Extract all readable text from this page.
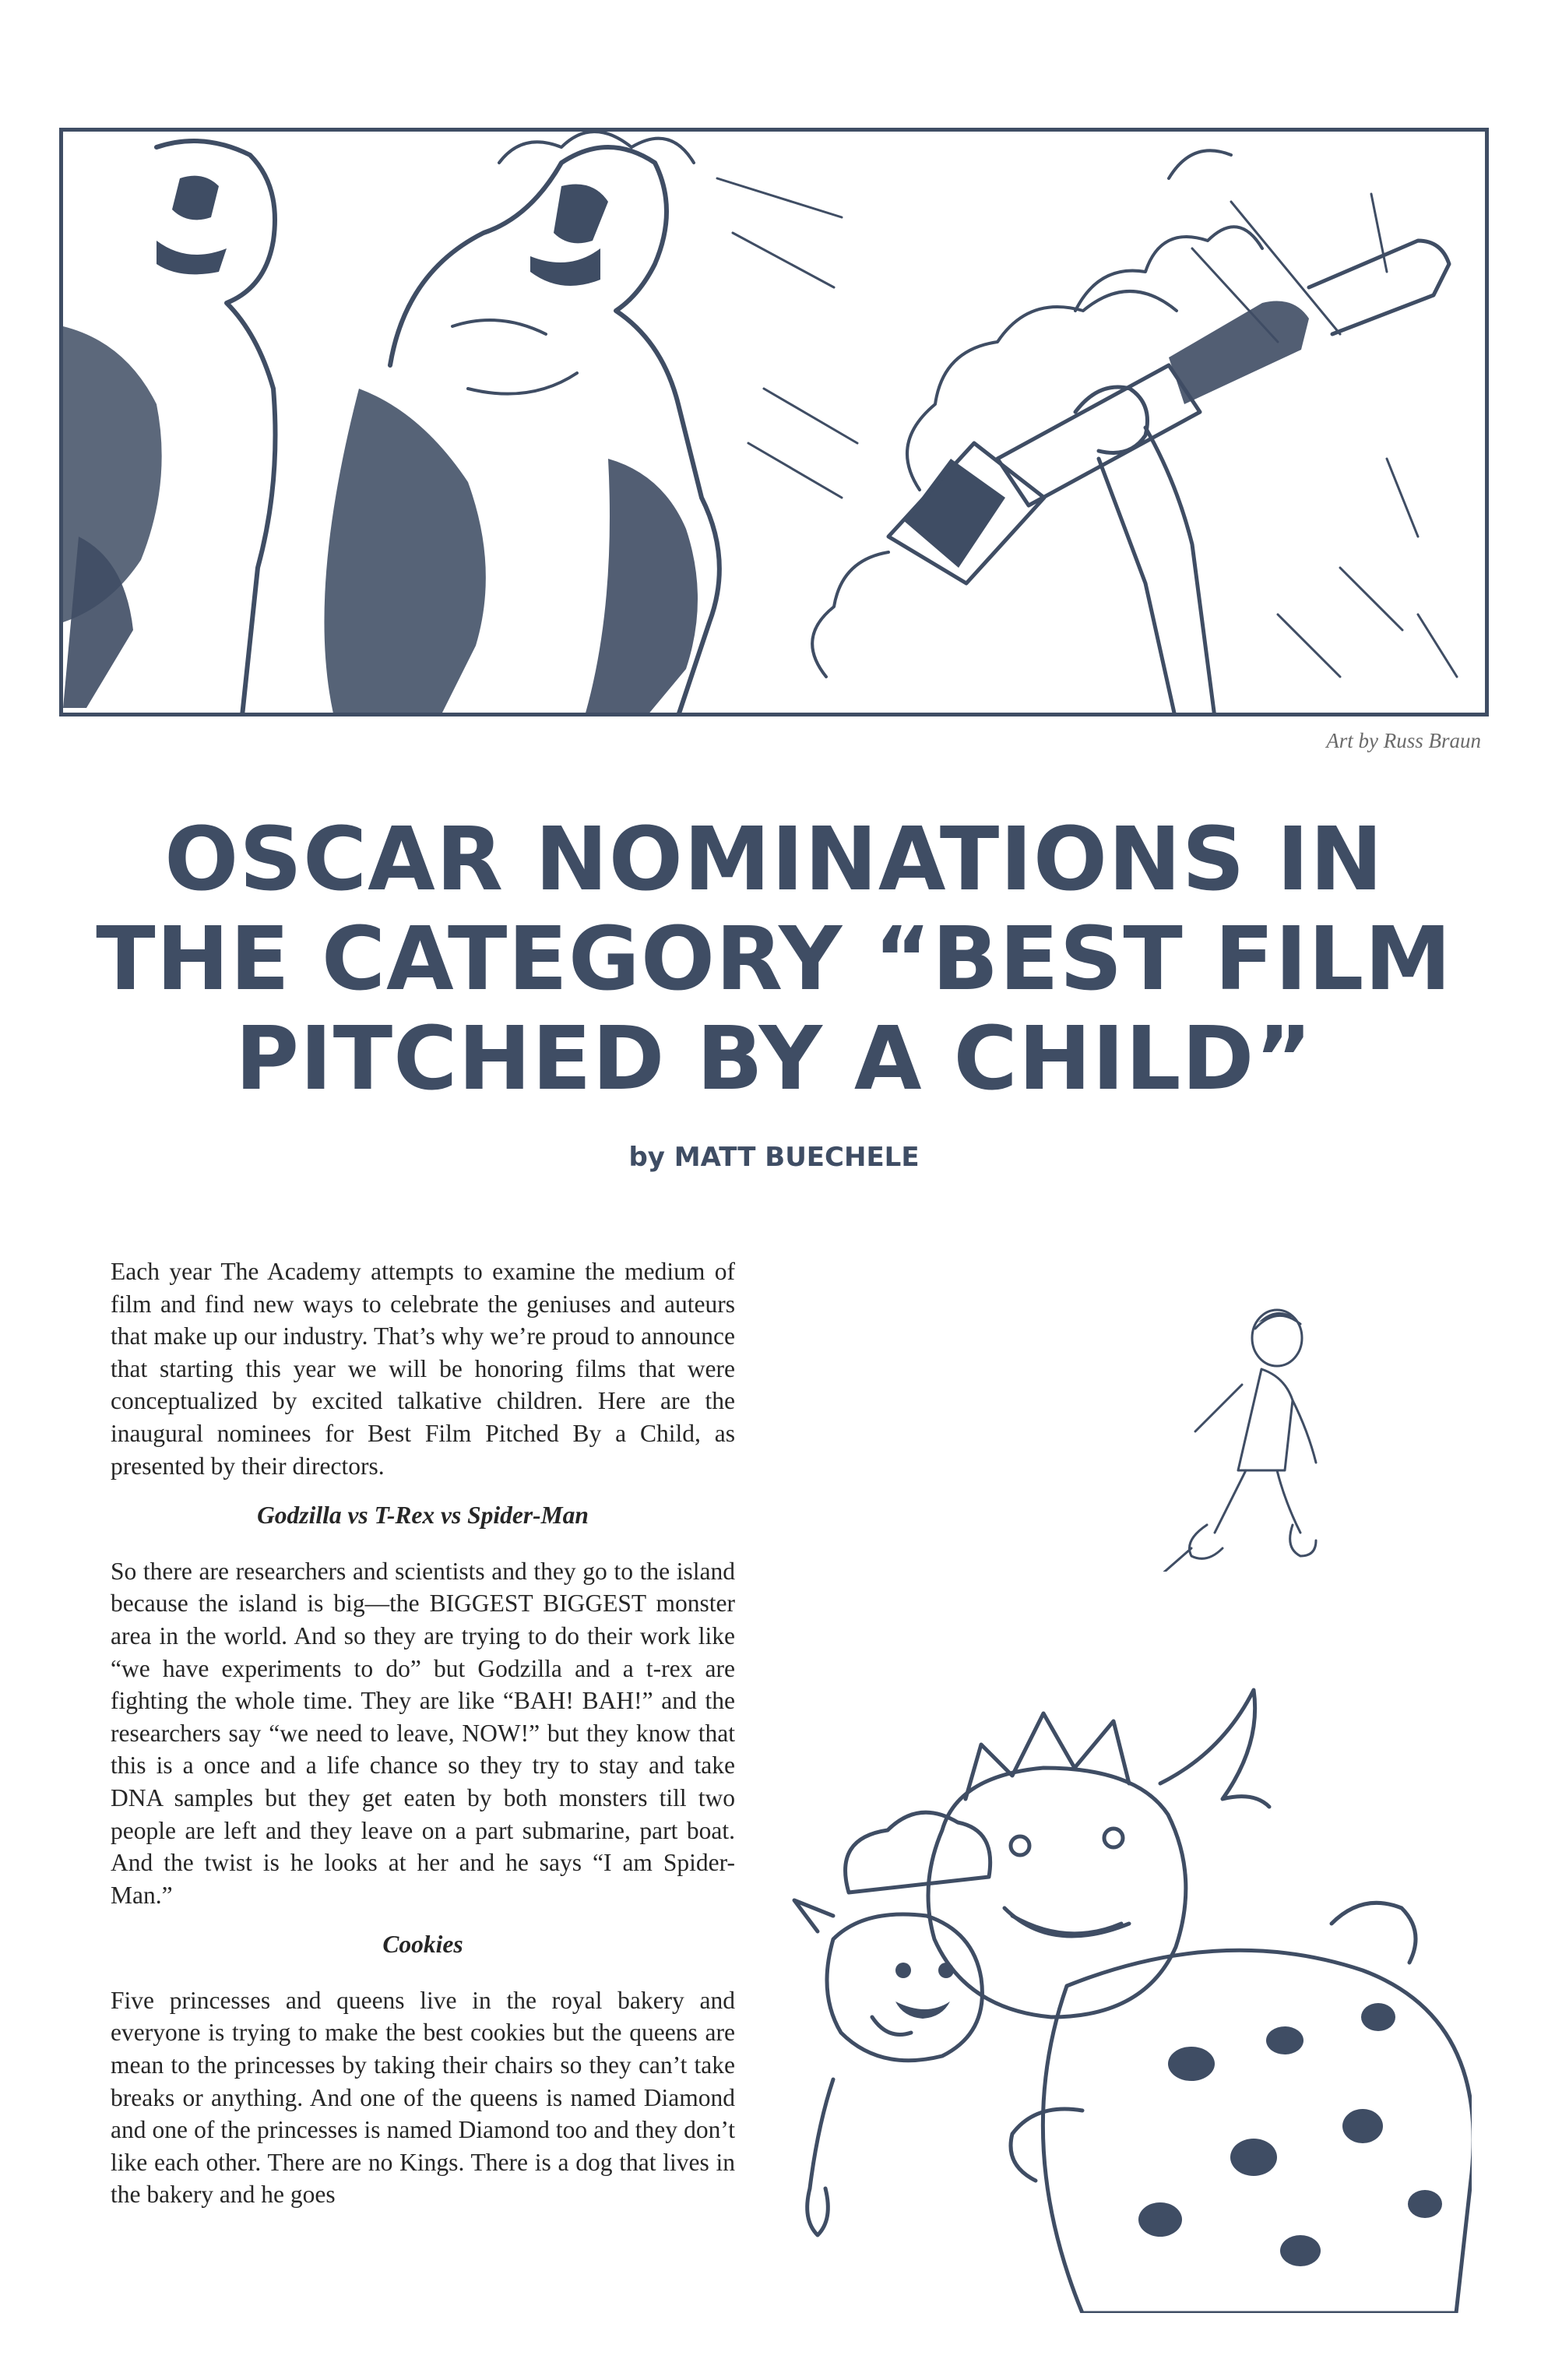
Art by Russ Braun
OSCAR NOMINATIONS IN
THE CATEGORY “BEST FILM
PITCHED BY A CHILD”
by MATT BUECHELE

Each year The Academy attempts to examine the medium of film and find new ways to celebrate the geniuses and auteurs that make up our industry. That’s why we’re proud to announce that starting this year we will be honoring films that were conceptualized by excited talkative children. Here are the inaugural nominees for Best Film Pitched By a Child, as presented by their directors.

Godzilla vs T-Rex vs Spider-Man

So there are researchers and scientists and they go to the island because the island is big—the BIGGEST BIGGEST monster area in the world. And so they are trying to do their work like “we have experiments to do” but Godzilla and a t-rex are fighting the whole time. They are like “BAH! BAH!” and the researchers say “we need to leave, NOW!” but they know that this is a once and a life chance so they try to stay and take DNA samples but they get eaten by both monsters till two people are left and they leave on a part submarine, part boat. And the twist is he looks at her and he says “I am Spider-Man.”

Cookies

Five princesses and queens live in the royal bakery and everyone is trying to make the best cookies but the queens are mean to the princesses by taking their chairs so they can’t take breaks or anything. And one of the queens is named Diamond and one of the princesses is named Diamond too and they don’t like each other. There are no Kings. There is a dog that lives in the bakery and he goes
